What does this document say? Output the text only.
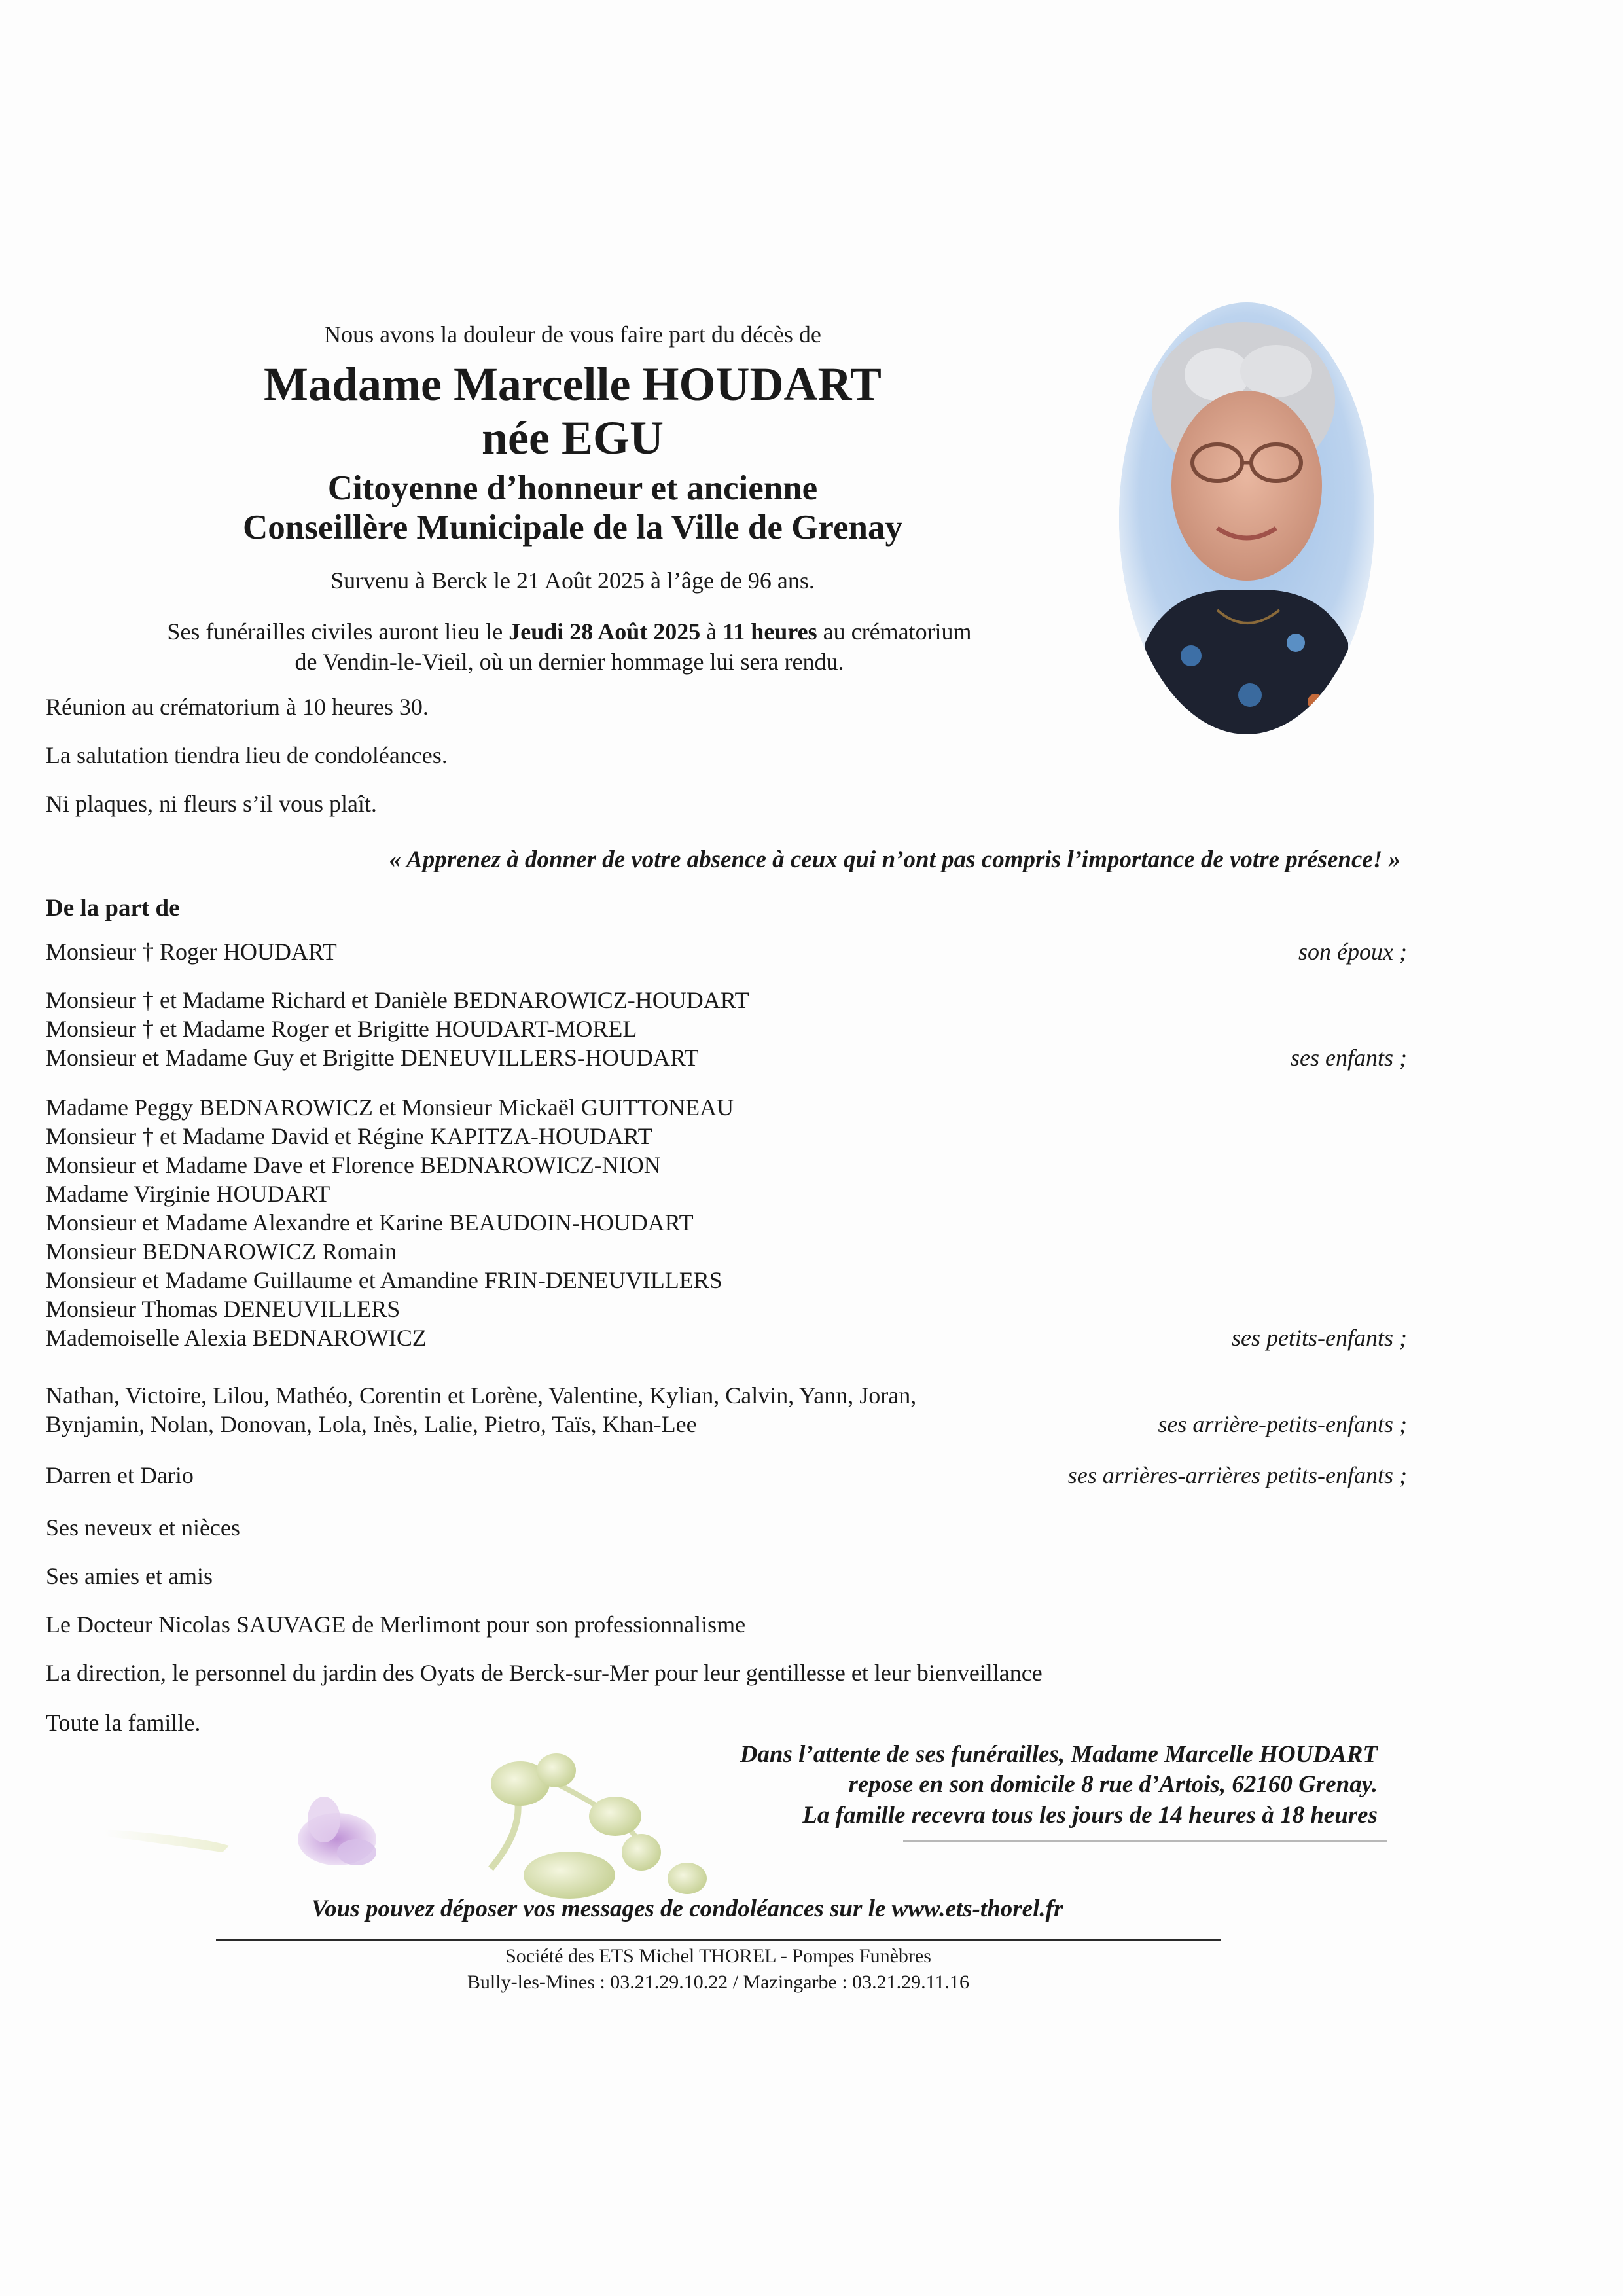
Nous avons la douleur de vous faire part du décès de
Madame Marcelle HOUDART
née EGU
Citoyenne d’honneur et ancienne
Conseillère Municipale de la Ville de Grenay
Survenu à Berck le 21 Août 2025 à l’âge de 96 ans.
Ses funérailles civiles auront lieu le Jeudi 28 Août 2025 à 11 heures au crématorium
de Vendin-le-Vieil, où un dernier hommage lui sera rendu.
Réunion au crématorium à 10 heures 30.
La salutation tiendra lieu de condoléances.
Ni plaques, ni fleurs s’il vous plaît.
« Apprenez à donner de votre absence à ceux qui n’ont pas compris l’importance de votre présence! »
De la part de
Monsieur † Roger HOUDART	son époux ;
Monsieur † et Madame Richard et Danièle BEDNAROWICZ-HOUDART
Monsieur † et Madame Roger et Brigitte HOUDART-MOREL
Monsieur et Madame Guy et Brigitte DENEUVILLERS-HOUDART	ses enfants ;
Madame Peggy BEDNAROWICZ et Monsieur Mickaël GUITTONEAU
Monsieur † et Madame David et Régine KAPITZA-HOUDART
Monsieur et Madame Dave et Florence BEDNAROWICZ-NION
Madame Virginie HOUDART
Monsieur et Madame Alexandre et Karine BEAUDOIN-HOUDART
Monsieur BEDNAROWICZ Romain
Monsieur et Madame Guillaume et Amandine FRIN-DENEUVILLERS
Monsieur Thomas DENEUVILLERS
Mademoiselle Alexia BEDNAROWICZ	ses petits-enfants ;
Nathan, Victoire, Lilou, Mathéo, Corentin et Lorène, Valentine, Kylian, Calvin, Yann, Joran,
Bynjamin, Nolan, Donovan, Lola, Inès, Lalie, Pietro, Taïs, Khan-Lee	ses arrière-petits-enfants ;
Darren et Dario	ses arrières-arrières petits-enfants ;
Ses neveux et nièces
Ses amies et amis
Le Docteur Nicolas SAUVAGE de Merlimont pour son professionnalisme
La direction, le personnel du jardin des Oyats de Berck-sur-Mer pour leur gentillesse et leur bienveillance
Toute la famille.
Dans l’attente de ses funérailles, Madame Marcelle HOUDART
repose en son domicile 8 rue d’Artois, 62160 Grenay.
La famille recevra tous les jours de 14 heures à 18 heures
Vous pouvez déposer vos messages de condoléances sur le www.ets-thorel.fr
Société des ETS Michel THOREL - Pompes Funèbres
Bully-les-Mines : 03.21.29.10.22 / Mazingarbe : 03.21.29.11.16
